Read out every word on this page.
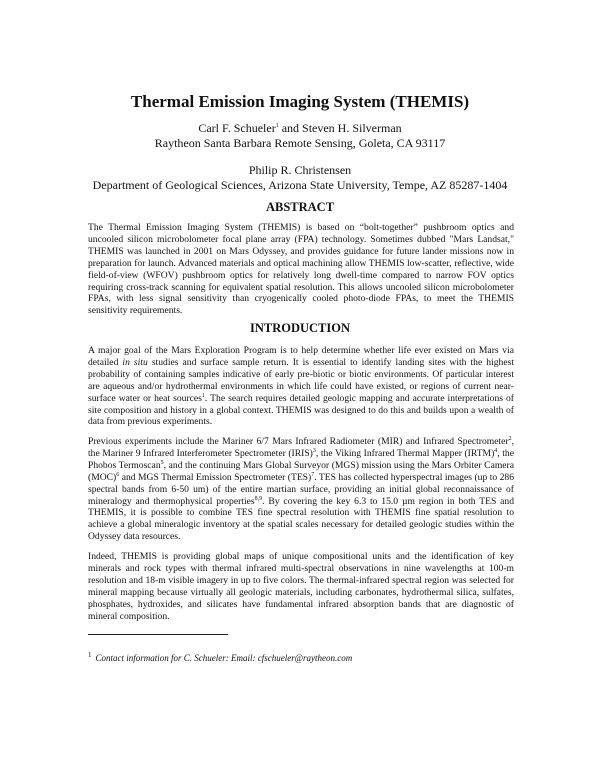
Thermal Emission Imaging System (THEMIS)
Carl F. Schueler$^1$ and Steven H. Silverman
Raytheon Santa Barbara Remote Sensing, Goleta, CA 93117
Philip R. Christensen
Department of Geological Sciences, Arizona State University, Tempe, AZ 85287-1404
ABSTRACT

The Thermal Emission Imaging System (THEMIS) is based on “bolt-together” pushbroom optics and uncooled silicon microbolometer focal plane array (FPA) technology. Sometimes dubbed "Mars Landsat," THEMIS was launched in 2001 on Mars Odyssey, and provides guidance for future lander missions now in preparation for launch. Advanced materials and optical machining allow THEMIS low-scatter, reflective, wide field-of-view (WFOV) pushbroom optics for relatively long dwell-time compared to narrow FOV optics requiring cross-track scanning for equivalent spatial resolution. This allows uncooled silicon microbolometer FPAs, with less signal sensitivity than cryogenically cooled photo-diode FPAs, to meet the THEMIS sensitivity requirements.

INTRODUCTION

A major goal of the Mars Exploration Program is to help determine whether life ever existed on Mars via detailed in situ studies and surface sample return. It is essential to identify landing sites with the highest probability of containing samples indicative of early pre-biotic or biotic environments. Of particular interest are aqueous and/or hydrothermal environments in which life could have existed, or regions of current near-surface water or heat sources$^1$. The search requires detailed geologic mapping and accurate interpretations of site composition and history in a global context. THEMIS was designed to do this and builds upon a wealth of data from previous experiments.

Previous experiments include the Mariner 6/7 Mars Infrared Radiometer (MIR) and Infrared Spectrometer$^2$, the Mariner 9 Infrared Interferometer Spectrometer (IRIS)$^3$, the Viking Infrared Thermal Mapper (IRTM)$^4$, the Phobos Termoscan$^5$, and the continuing Mars Global Surveyor (MGS) mission using the Mars Orbiter Camera (MOC)$^6$ and MGS Thermal Emission Spectrometer (TES)$^7$. TES has collected hyperspectral images (up to 286 spectral bands from 6-50 um) of the entire martian surface, providing an initial global reconnaissance of mineralogy and thermophysical properties$^{8,9}$. By covering the key 6.3 to 15.0 µm region in both TES and THEMIS, it is possible to combine TES fine spectral resolution with THEMIS fine spatial resolution to achieve a global mineralogic inventory at the spatial scales necessary for detailed geologic studies within the Odyssey data resources.

Indeed, THEMIS is providing global maps of unique compositional units and the identification of key minerals and rock types with thermal infrared multi-spectral observations in nine wavelengths at 100-m resolution and 18-m visible imagery in up to five colors. The thermal-infrared spectral region was selected for mineral mapping because virtually all geologic materials, including carbonates, hydrothermal silica, sulfates, phosphates, hydroxides, and silicates have fundamental infrared absorption bands that are diagnostic of mineral composition.

$^1$ Contact information for C. Schueler: Email: cfschueler@raytheon.com
